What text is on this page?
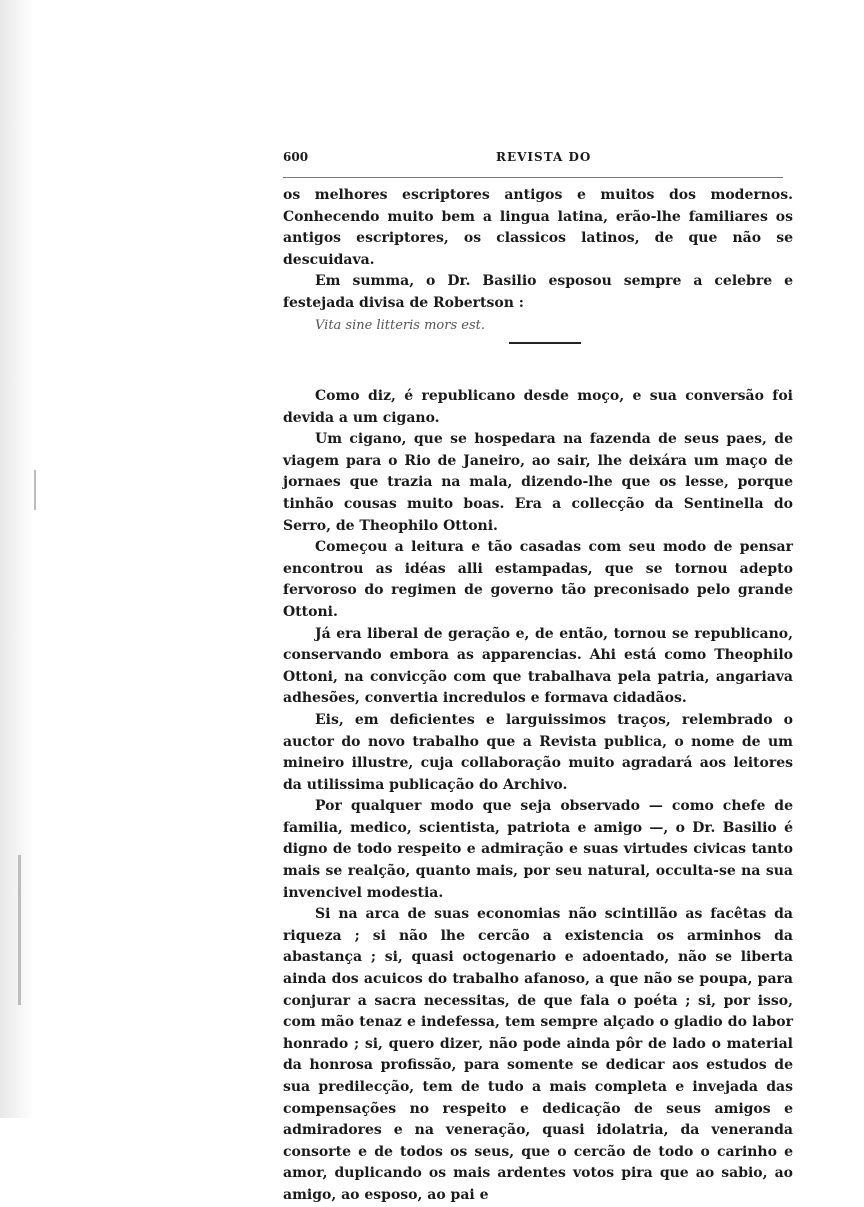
600	REVISTA DO

os melhores escriptores antigos e muitos dos modernos. Conhecendo muito bem a lingua latina, erão-lhe familiares os antigos escriptores, os classicos latinos, de que não se descuidava.

Em summa, o Dr. Basilio esposou sempre a celebre e festejada divisa de Robertson :

Vita sine litteris mors est.

Como diz, é republicano desde moço, e sua conversão foi devida a um cigano.

Um cigano, que se hospedara na fazenda de seus paes, de viagem para o Rio de Janeiro, ao sair, lhe deixára um maço de jornaes que trazia na mala, dizendo-lhe que os lesse, porque tinhão cousas muito boas. Era a collecção da Sentinella do Serro, de Theophilo Ottoni.

Começou a leitura e tão casadas com seu modo de pensar encontrou as idéas alli estampadas, que se tornou adepto fervoroso do regimen de governo tão preconisado pelo grande Ottoni.

Já era liberal de geração e, de então, tornou se republicano, conservando embora as apparencias. Ahi está como Theophilo Ottoni, na convicção com que trabalhava pela patria, angariava adhesões, convertia incredulos e formava cidadãos.

Eis, em deficientes e larguissimos traços, relembrado o auctor do novo trabalho que a Revista publica, o nome de um mineiro illustre, cuja collaboração muito agradará aos leitores da utilissima publicação do Archivo.

Por qualquer modo que seja observado — como chefe de familia, medico, scientista, patriota e amigo —, o Dr. Basilio é digno de todo respeito e admiração e suas virtudes civicas tanto mais se realção, quanto mais, por seu natural, occulta-se na sua invencivel modestia.

Si na arca de suas economias não scintillão as facêtas da riqueza ; si não lhe cercão a existencia os arminhos da abastança ; si, quasi octogenario e adoentado, não se liberta ainda dos acuicos do trabalho afanoso, a que não se poupa, para conjurar a sacra necessitas, de que fala o poéta ; si, por isso, com mão tenaz e indefessa, tem sempre alçado o gladio do labor honrado ; si, quero dizer, não pode ainda pôr de lado o material da honrosa profissão, para somente se dedicar aos estudos de sua predilecção, tem de tudo a mais completa e invejada das compensações no respeito e dedicação de seus amigos e admiradores e na veneração, quasi idolatria, da veneranda consorte e de todos os seus, que o cercão de todo o carinho e amor, duplicando os mais ardentes votos pira que ao sabio, ao amigo, ao esposo, ao pai e
